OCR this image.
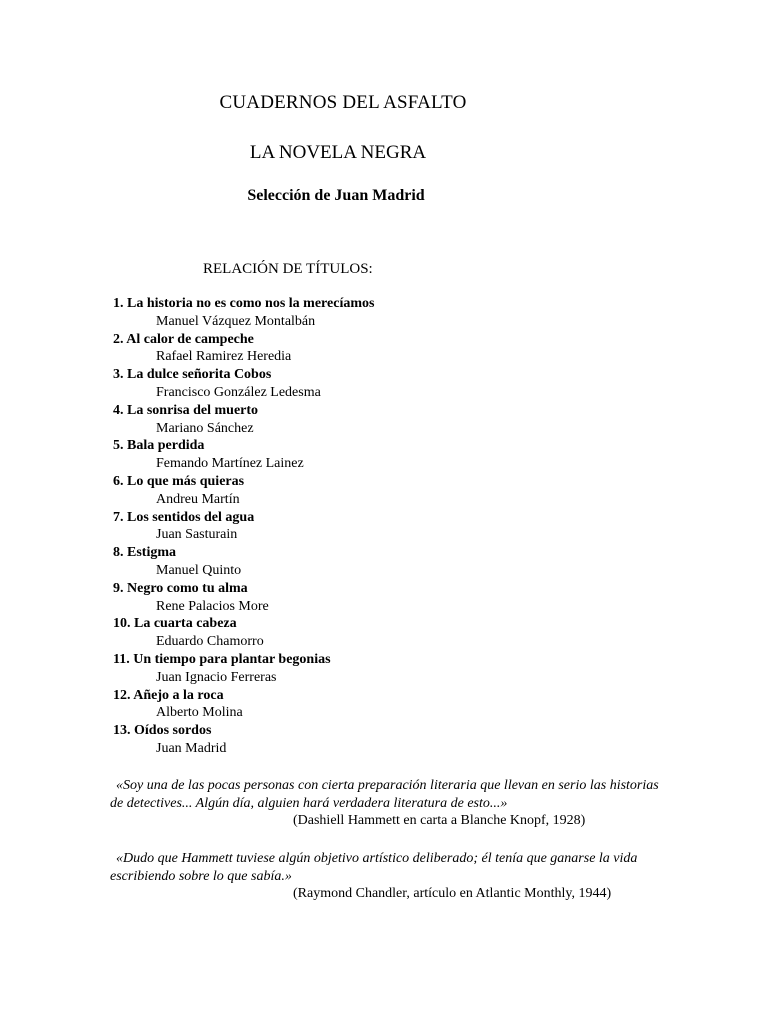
CUADERNOS DEL ASFALTO
LA NOVELA NEGRA
Selección de Juan Madrid
RELACIÓN DE TÍTULOS:
1. La historia no es como nos la merecíamos
Manuel Vázquez Montalbán
2. Al calor de campeche
Rafael Ramirez Heredia
3. La dulce señorita Cobos
Francisco González Ledesma
4. La sonrisa del muerto
Mariano Sánchez
5. Bala perdida
Femando Martínez Lainez
6. Lo que más quieras
Andreu Martín
7. Los sentidos del agua
Juan Sasturain
8. Estigma
Manuel Quinto
9. Negro como tu alma
Rene Palacios More
10. La cuarta cabeza
Eduardo Chamorro
11. Un tiempo para plantar begonias
Juan Ignacio Ferreras
12. Añejo a la roca
Alberto Molina
13. Oídos sordos
Juan Madrid

«Soy una de las pocas personas con cierta preparación literaria que llevan en serio las historias de detectives... Algún día, alguien hará verdadera literatura de esto...»

(Dashiell Hammett en carta a Blanche Knopf, 1928)

«Dudo que Hammett tuviese algún objetivo artístico deliberado; él tenía que ganarse la vida escribiendo sobre lo que sabía.»

(Raymond Chandler, artículo en Atlantic Monthly, 1944)
